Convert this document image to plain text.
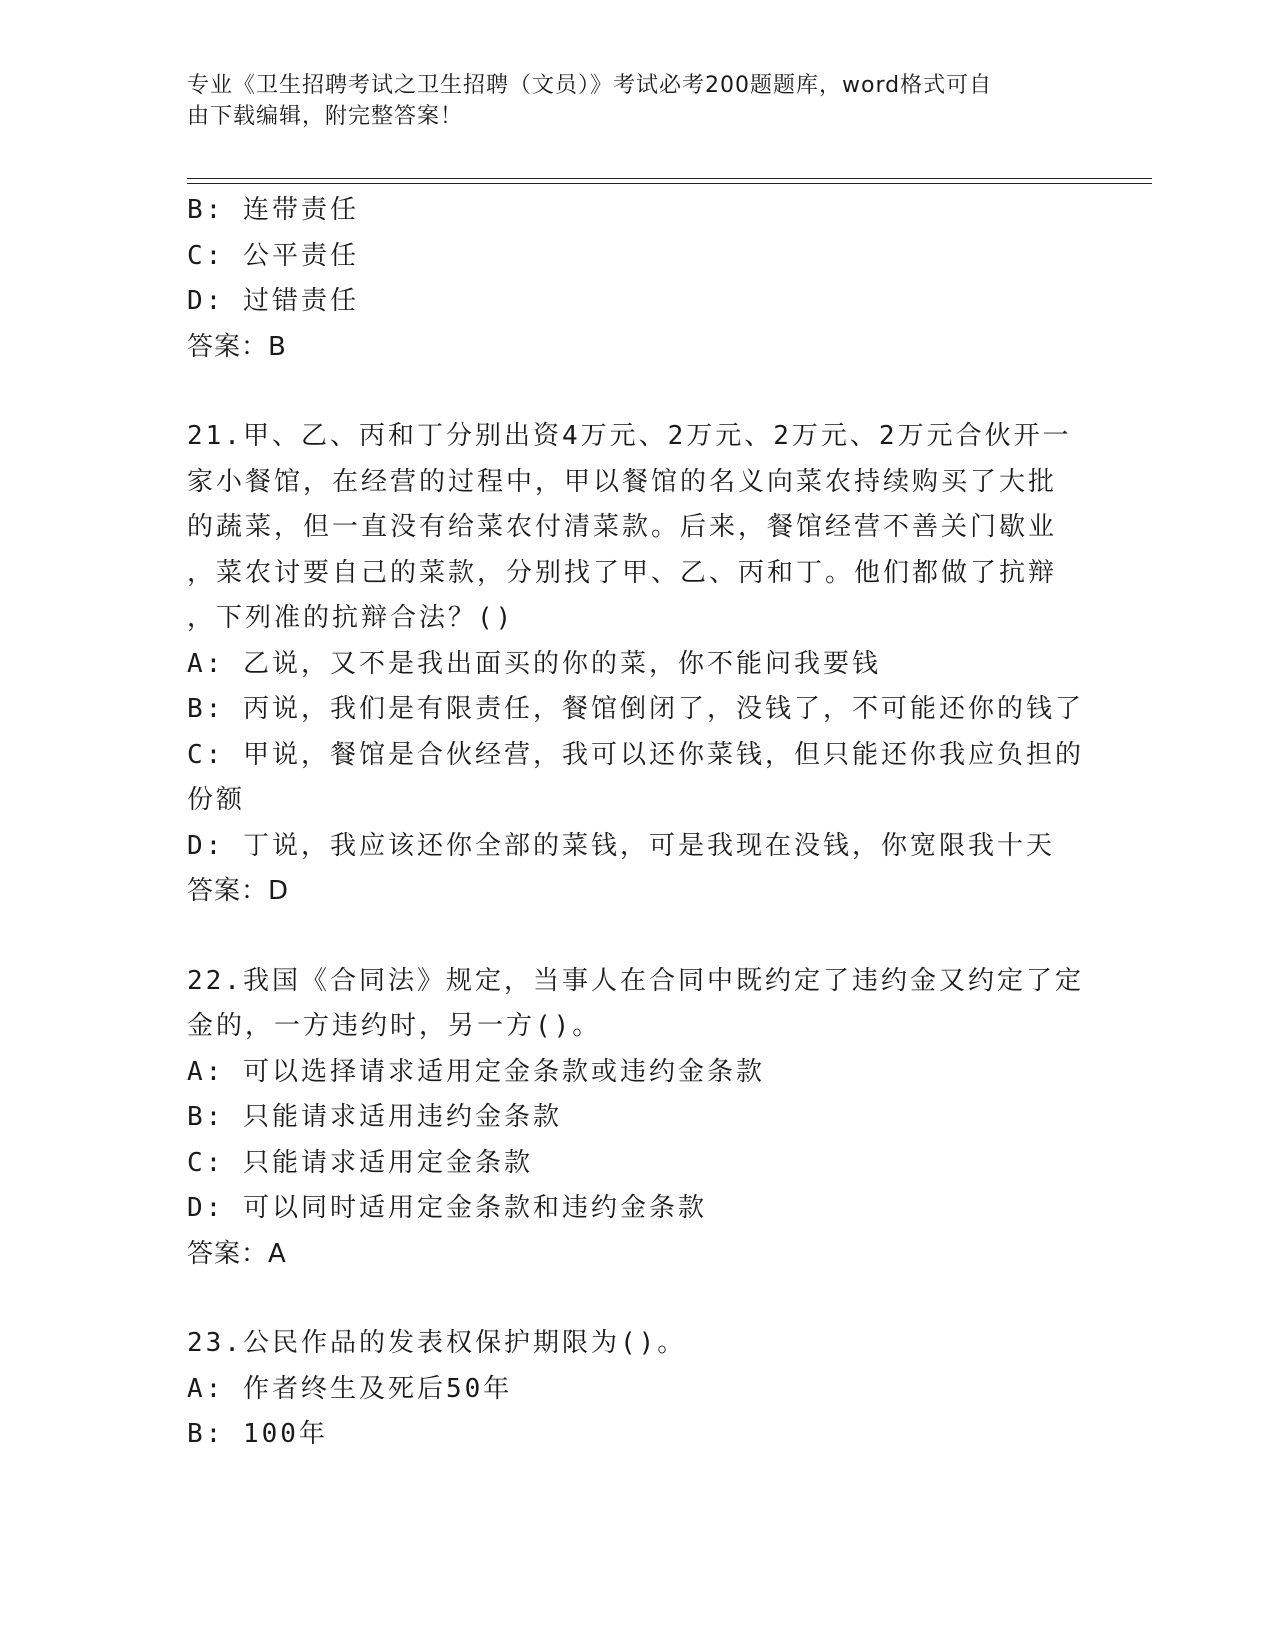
专业《卫生招聘考试之卫生招聘（文员）》考试必考200题题库，word格式可自
由下载编辑，附完整答案！
B: 连带责任
C: 公平责任
D: 过错责任
答案：B
21.甲、乙、丙和丁分别出资4万元、2万元、2万元、2万元合伙开一
家小餐馆，在经营的过程中，甲以餐馆的名义向菜农持续购买了大批
的蔬菜，但一直没有给菜农付清菜款。后来，餐馆经营不善关门歇业
，菜农讨要自己的菜款，分别找了甲、乙、丙和丁。他们都做了抗辩
，下列准的抗辩合法？()
A: 乙说，又不是我出面买的你的菜，你不能问我要钱
B: 丙说，我们是有限责任，餐馆倒闭了，没钱了，不可能还你的钱了
C: 甲说，餐馆是合伙经营，我可以还你菜钱，但只能还你我应负担的
份额
D: 丁说，我应该还你全部的菜钱，可是我现在没钱，你宽限我十天
答案：D
22.我国《合同法》规定，当事人在合同中既约定了违约金又约定了定
金的，一方违约时，另一方()。
A: 可以选择请求适用定金条款或违约金条款
B: 只能请求适用违约金条款
C: 只能请求适用定金条款
D: 可以同时适用定金条款和违约金条款
答案：A
23.公民作品的发表权保护期限为()。
A: 作者终生及死后50年
B: 100年
